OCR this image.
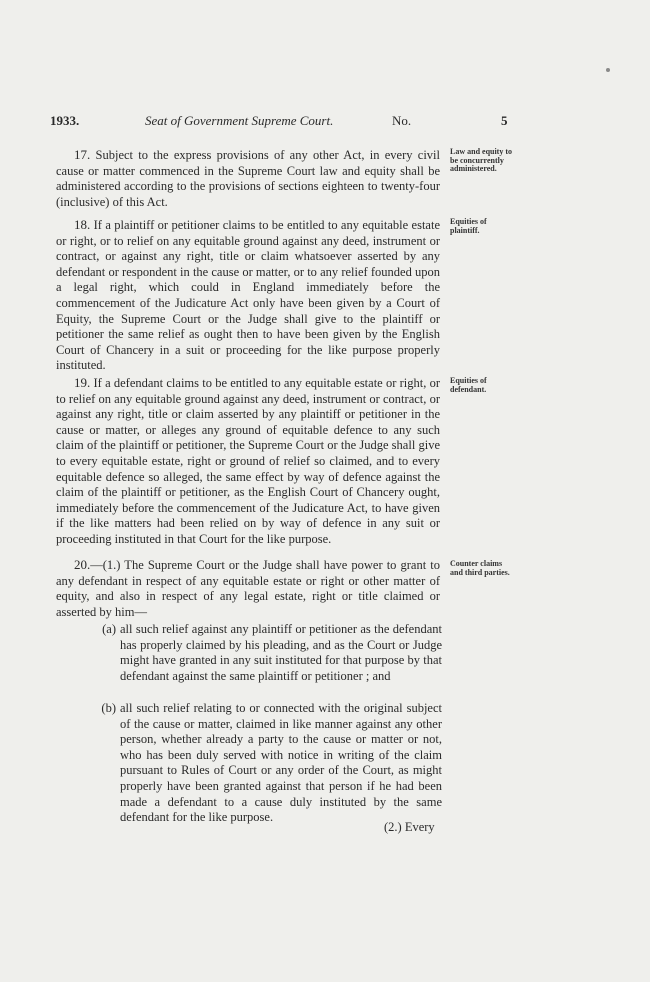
1933.	Seat of Government Supreme Court.	No.	5

17. Subject to the express provisions of any other Act, in every civil cause or matter commenced in the Supreme Court law and equity shall be administered according to the provisions of sections eighteen to twenty-four (inclusive) of this Act.

Law and equity to be concurrently administered.

18. If a plaintiff or petitioner claims to be entitled to any equitable estate or right, or to relief on any equitable ground against any deed, instrument or contract, or against any right, title or claim whatsoever asserted by any defendant or respondent in the cause or matter, or to any relief founded upon a legal right, which could in England immediately before the commencement of the Judicature Act only have been given by a Court of Equity, the Supreme Court or the Judge shall give to the plaintiff or petitioner the same relief as ought then to have been given by the English Court of Chancery in a suit or proceeding for the like purpose properly instituted.

Equities of plaintiff.

19. If a defendant claims to be entitled to any equitable estate or right, or to relief on any equitable ground against any deed, instrument or contract, or against any right, title or claim asserted by any plaintiff or petitioner in the cause or matter, or alleges any ground of equitable defence to any such claim of the plaintiff or petitioner, the Supreme Court or the Judge shall give to every equitable estate, right or ground of relief so claimed, and to every equitable defence so alleged, the same effect by way of defence against the claim of the plaintiff or petitioner, as the English Court of Chancery ought, immediately before the commencement of the Judicature Act, to have given if the like matters had been relied on by way of defence in any suit or proceeding instituted in that Court for the like purpose.

Equities of defendant.

20.—(1.) The Supreme Court or the Judge shall have power to grant to any defendant in respect of any equitable estate or right or other matter of equity, and also in respect of any legal estate, right or title claimed or asserted by him—

Counter claims and third parties.
(a) all such relief against any plaintiff or petitioner as the defendant has properly claimed by his pleading, and as the Court or Judge might have granted in any suit instituted for that purpose by that defendant against the same plaintiff or petitioner ; and
(b) all such relief relating to or connected with the original subject of the cause or matter, claimed in like manner against any other person, whether already a party to the cause or matter or not, who has been duly served with notice in writing of the claim pursuant to Rules of Court or any order of the Court, as might properly have been granted against that person if he had been made a defendant to a cause duly instituted by the same defendant for the like purpose.
(2.) Every
